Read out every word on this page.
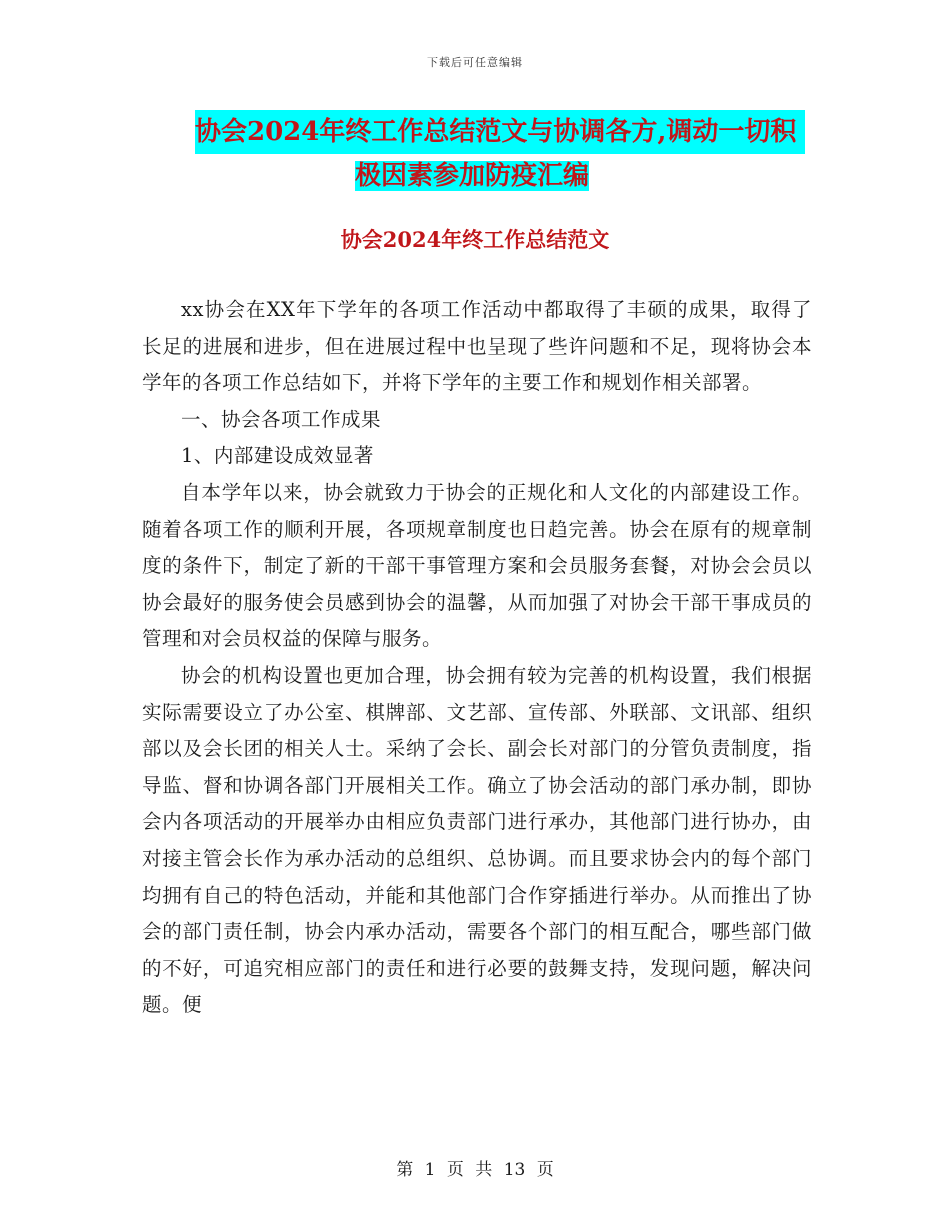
下载后可任意编辑
协会2024年终工作总结范文与协调各方,调动一切积
极因素参加防疫汇编
协会2024年终工作总结范文

xx协会在XX年下学年的各项工作活动中都取得了丰硕的成果，取得了长足的进展和进步，但在进展过程中也呈现了些许问题和不足，现将协会本学年的各项工作总结如下，并将下学年的主要工作和规划作相关部署。

一、协会各项工作成果

1、内部建设成效显著

自本学年以来，协会就致力于协会的正规化和人文化的内部建设工作。随着各项工作的顺利开展，各项规章制度也日趋完善。协会在原有的规章制度的条件下，制定了新的干部干事管理方案和会员服务套餐，对协会会员以协会最好的服务使会员感到协会的温馨，从而加强了对协会干部干事成员的管理和对会员权益的保障与服务。

协会的机构设置也更加合理，协会拥有较为完善的机构设置，我们根据实际需要设立了办公室、棋牌部、文艺部、宣传部、外联部、文讯部、组织部以及会长团的相关人士。采纳了会长、副会长对部门的分管负责制度，指导监、督和协调各部门开展相关工作。确立了协会活动的部门承办制，即协会内各项活动的开展举办由相应负责部门进行承办，其他部门进行协办，由对接主管会长作为承办活动的总组织、总协调。而且要求协会内的每个部门均拥有自己的特色活动，并能和其他部门合作穿插进行举办。从而推出了协会的部门责任制，协会内承办活动，需要各个部门的相互配合，哪些部门做的不好，可追究相应部门的责任和进行必要的鼓舞支持，发现问题，解决问题。便

第 1 页 共 13 页
